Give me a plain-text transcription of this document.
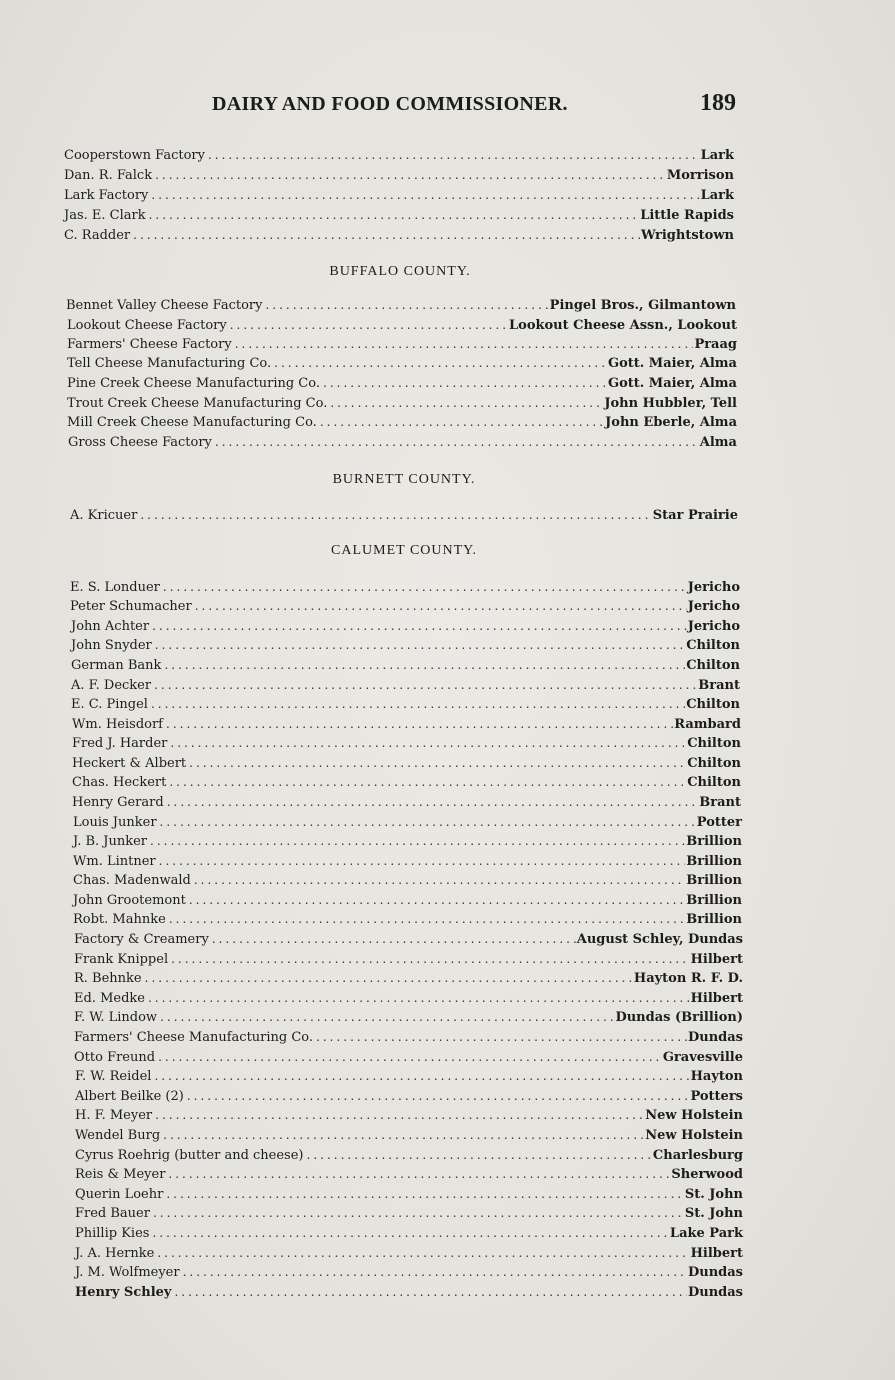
DAIRY AND FOOD COMMISSIONER.	189
Cooperstown Factory .....	Lark
Dan. R. Falck .....	Morrison
Lark Factory .....	Lark
Jas. E. Clark .....	Little Rapids
C. Radder .....	Wrightstown
BUFFALO COUNTY.
Bennet Valley Cheese Factory .....	Pingel Bros., Gilmantown
Lookout Cheese Factory .....	Lookout Cheese Assn., Lookout
Farmers' Cheese Factory .....	Praag
Tell Cheese Manufacturing Co. .....	Gott. Maier, Alma
Pine Creek Cheese Manufacturing Co. .....	Gott. Maier, Alma
Trout Creek Cheese Manufacturing Co. .....	John Hubbler, Tell
Mill Creek Cheese Manufacturing Co. .....	John Eberle, Alma
Gross Cheese Factory .....	Alma
BURNETT COUNTY.
A. Kricuer .....	Star Prairie
CALUMET COUNTY.
E. S. Londuer .....	Jericho
Peter Schumacher .....	Jericho
John Achter .....	Jericho
John Snyder .....	Chilton
German Bank .....	Chilton
A. F. Decker .....	Brant
E. C. Pingel .....	Chilton
Wm. Heisdorf .....	Rambard
Fred J. Harder .....	Chilton
Heckert & Albert .....	Chilton
Chas. Heckert .....	Chilton
Henry Gerard .....	Brant
Louis Junker .....	Potter
J. B. Junker .....	Brillion
Wm. Lintner .....	Brillion
Chas. Madenwald .....	Brillion
John Grootemont .....	Brillion
Robt. Mahnke .....	Brillion
Factory & Creamery .....	August Schley, Dundas
Frank Knippel .....	Hilbert
R. Behnke .....	Hayton R. F. D.
Ed. Medke .....	Hilbert
F. W. Lindow .....	Dundas (Brillion)
Farmers' Cheese Manufacturing Co. .....	Dundas
Otto Freund .....	Gravesville
F. W. Reidel .....	Hayton
Albert Beilke (2) .....	Potters
H. F. Meyer .....	New Holstein
Wendel Burg .....	New Holstein
Cyrus Roehrig (butter and cheese) .....	Charlesburg
Reis & Meyer .....	Sherwood
Querin Loehr .....	St. John
Fred Bauer .....	St. John
Phillip Kies .....	Lake Park
J. A. Hernke .....	Hilbert
J. M. Wolfmeyer .....	Dundas
Henry Schley .....	Dundas
